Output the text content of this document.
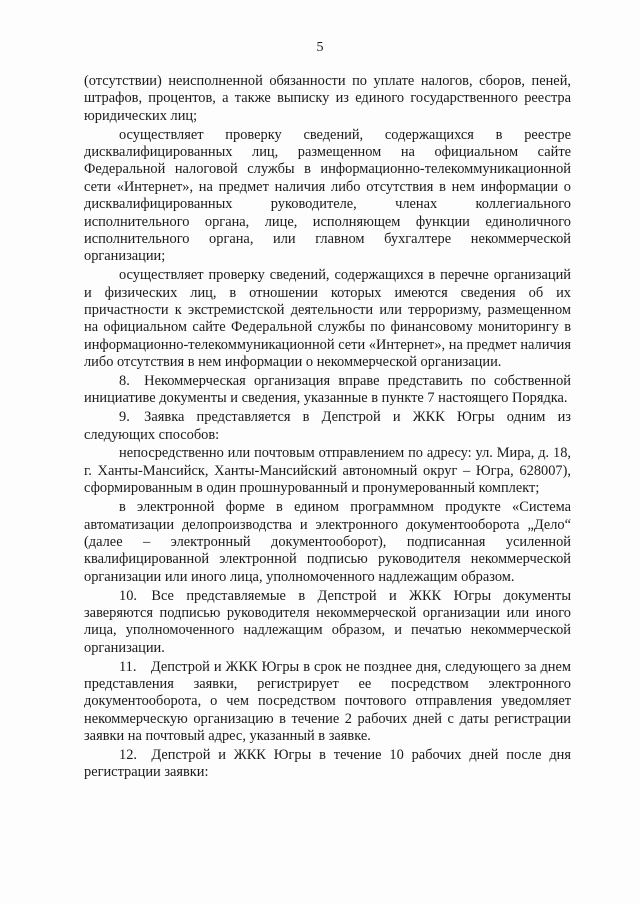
5

(отсутствии) неисполненной обязанности по уплате налогов, сборов, пеней, штрафов, процентов, а также выписку из единого государственного реестра юридических лиц;

осуществляет проверку сведений, содержащихся в реестре дисквалифицированных лиц, размещенном на официальном сайте Федеральной налоговой службы в информационно-телекоммуникационной сети «Интернет», на предмет наличия либо отсутствия в нем информации о дисквалифицированных руководителе, членах коллегиального исполнительного органа, лице, исполняющем функции единоличного исполнительного органа, или главном бухгалтере некоммерческой организации;

осуществляет проверку сведений, содержащихся в перечне организаций и физических лиц, в отношении которых имеются сведения об их причастности к экстремистской деятельности или терроризму, размещенном на официальном сайте Федеральной службы по финансовому мониторингу в информационно-телекоммуникационной сети «Интернет», на предмет наличия либо отсутствия в нем информации о некоммерческой организации.

8. Некоммерческая организация вправе представить по собственной инициативе документы и сведения, указанные в пункте 7 настоящего Порядка.

9. Заявка представляется в Депстрой и ЖКК Югры одним из следующих способов:

непосредственно или почтовым отправлением по адресу: ул. Мира, д. 18, г. Ханты-Мансийск, Ханты-Мансийский автономный округ – Югра, 628007), сформированным в один прошнурованный и пронумерованный комплект;

в электронной форме в едином программном продукте «Система автоматизации делопроизводства и электронного документооборота „Дело“ (далее – электронный документооборот), подписанная усиленной квалифицированной электронной подписью руководителя некоммерческой организации или иного лица, уполномоченного надлежащим образом.

10. Все представляемые в Депстрой и ЖКК Югры документы заверяются подписью руководителя некоммерческой организации или иного лица, уполномоченного надлежащим образом, и печатью некоммерческой организации.

11. Депстрой и ЖКК Югры в срок не позднее дня, следующего за днем представления заявки, регистрирует ее посредством электронного документооборота, о чем посредством почтового отправления уведомляет некоммерческую организацию в течение 2 рабочих дней с даты регистрации заявки на почтовый адрес, указанный в заявке.

12. Депстрой и ЖКК Югры в течение 10 рабочих дней после дня регистрации заявки:
